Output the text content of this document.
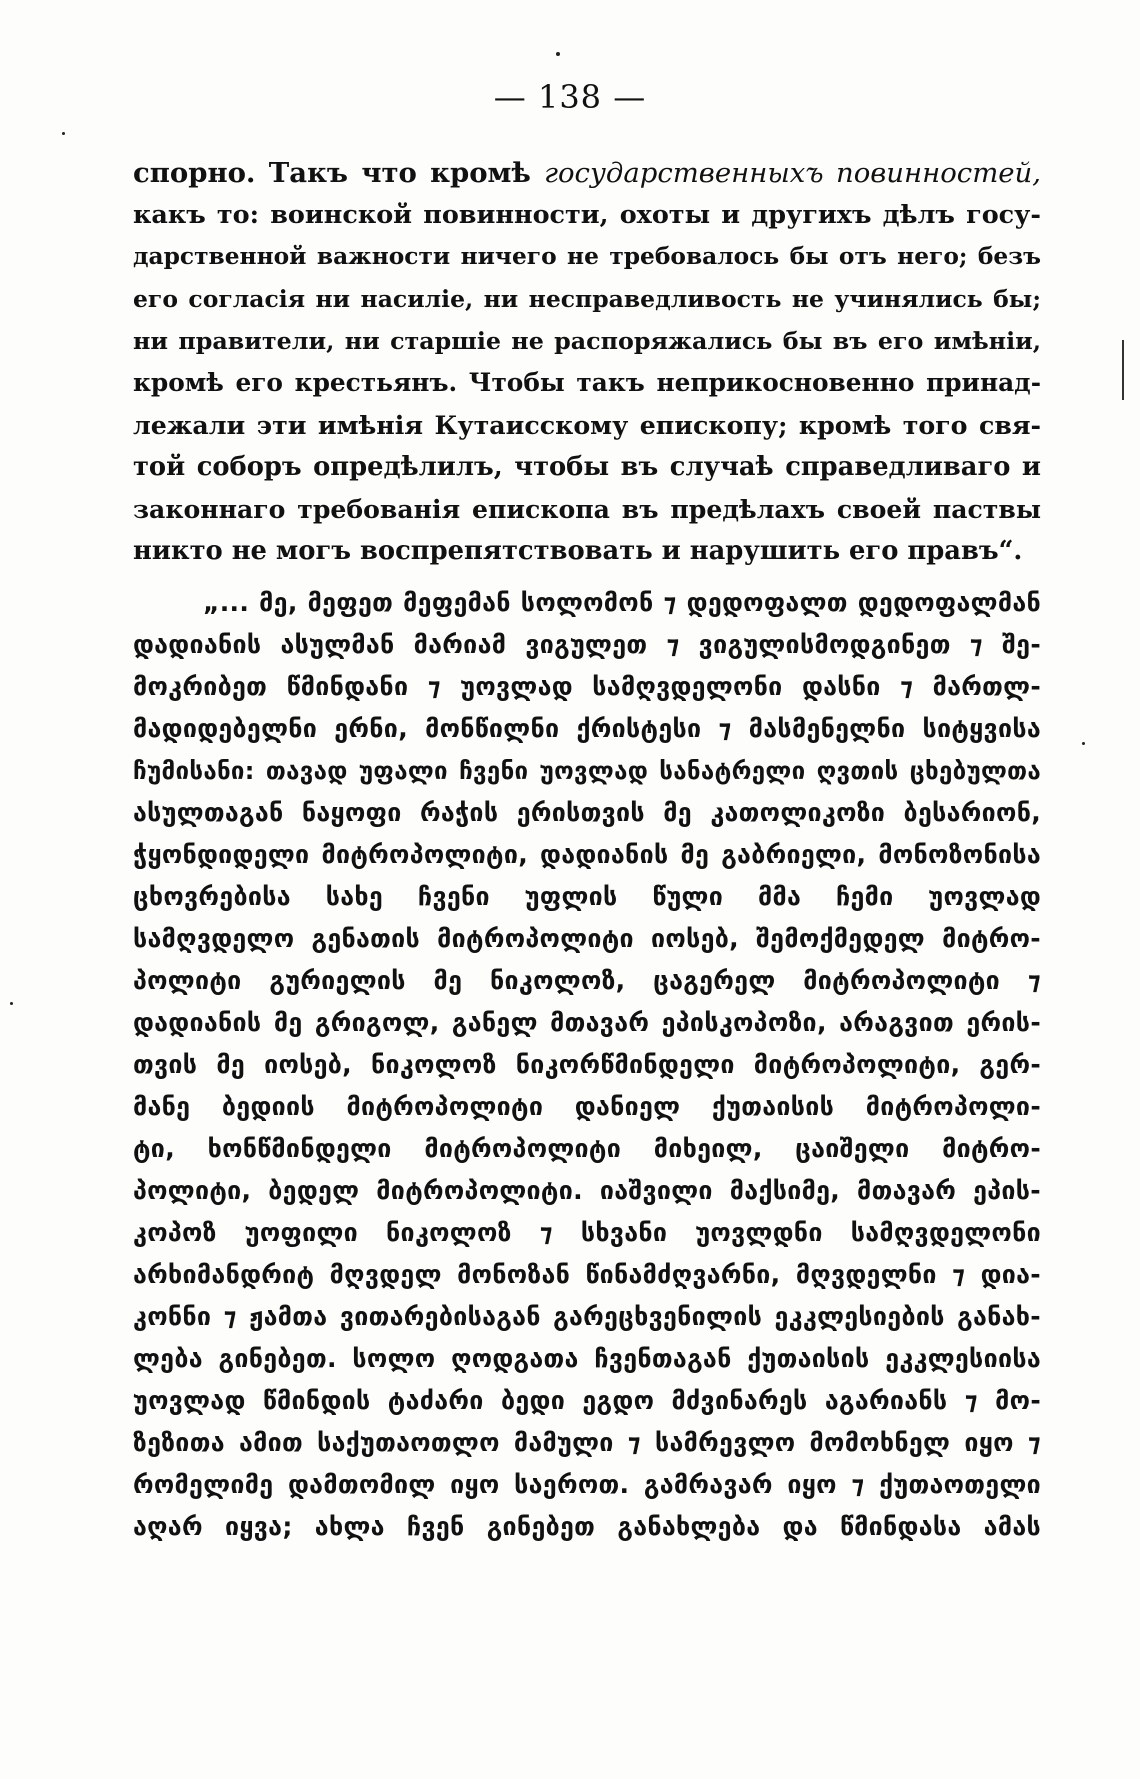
— 138 —
спорно. Такъ что кромѣ государственныхъ повинностей,
какъ то: воинской повинности, охоты и другихъ дѣлъ госу-
дарственной важности ничего не требовалось бы отъ него; безъ
его согласія ни насиліе, ни несправедливость не учинялись бы;
ни правители, ни старшіе не распоряжались бы въ его имѣніи,
кромѣ его крестьянъ. Чтобы такъ неприкосновенно принад-
лежали эти имѣнія Кутаисскому епископу; кромѣ того свя-
той соборъ опредѣлилъ, чтобы въ случаѣ справедливаго и
законнаго требованія епископа въ предѣлахъ своей паствы
никто не могъ воспрепятствовать и нарушить его правъ“.
„... მე, მეფეთ მეფემან სოლომონ ⁊ დედოფალთ დედოფალმან
დადიანის ასულმან მარიამ ვიგულეთ ⁊ ვიგულისმოდგინეთ ⁊ შე-
მოკრიბეთ წმინდანი ⁊ უოვლად სამღვდელონი დასნი ⁊ მართლ-
მადიდებელნი ერნი, მონწილნი ქრისტესი ⁊ მასმენელნი სიტყვისა
ჩუმისანი: თავად უფალი ჩვენი უოვლად სანატრელი ღვთის ცხებულთა
ასულთაგან ნაყოფი რაჭის ერისთვის მე კათოლიკოზი ბესარიონ,
ჭყონდიდელი მიტროპოლიტი, დადიანის მე გაბრიელი, მონოზონისა
ცხოვრებისა სახე ჩვენი უფლის წული მმა ჩემი უოვლად
სამღვდელო გენათის მიტროპოლიტი იოსებ, შემოქმედელ მიტრო-
პოლიტი გურიელის მე ნიკოლოზ, ცაგერელ მიტროპოლიტი ⁊
დადიანის მე გრიგოლ, განელ მთავარ ეპისკოპოზი, არაგვით ერის-
თვის მე იოსებ, ნიკოლოზ ნიკორწმინდელი მიტროპოლიტი, გერ-
მანე ბედიის მიტროპოლიტი დანიელ ქუთაისის მიტროპოლი-
ტი, ხონწმინდელი მიტროპოლიტი მიხეილ, ცაიშელი მიტრო-
პოლიტი, ბედელ მიტროპოლიტი. იაშვილი მაქსიმე, მთავარ ეპის-
კოპოზ უოფილი ნიკოლოზ ⁊ სხვანი უოვლდნი სამღვდელონი
არხიმანდრიტ მღვდელ მონოზან წინამძღვარნი, მღვდელნი ⁊ დია-
კონნი ⁊ ჟამთა ვითარებისაგან გარეცხვენილის ეკკლესიების განახ-
ლება გინებეთ. სოლო ღოდგათა ჩვენთაგან ქუთაისის ეკკლესიისა
უოვლად წმინდის ტაძარი ბედი ეგდო მძვინარეს აგარიანს ⁊ მო-
ზეზითა ამით საქუთაოთლო მამული ⁊ სამრევლო მომოხნელ იყო ⁊
რომელიმე დამთომილ იყო საეროთ. გამრავარ იყო ⁊ ქუთაოთელი
აღარ იყვა; ახლა ჩვენ გინებეთ განახლება და წმინდასა ამას
